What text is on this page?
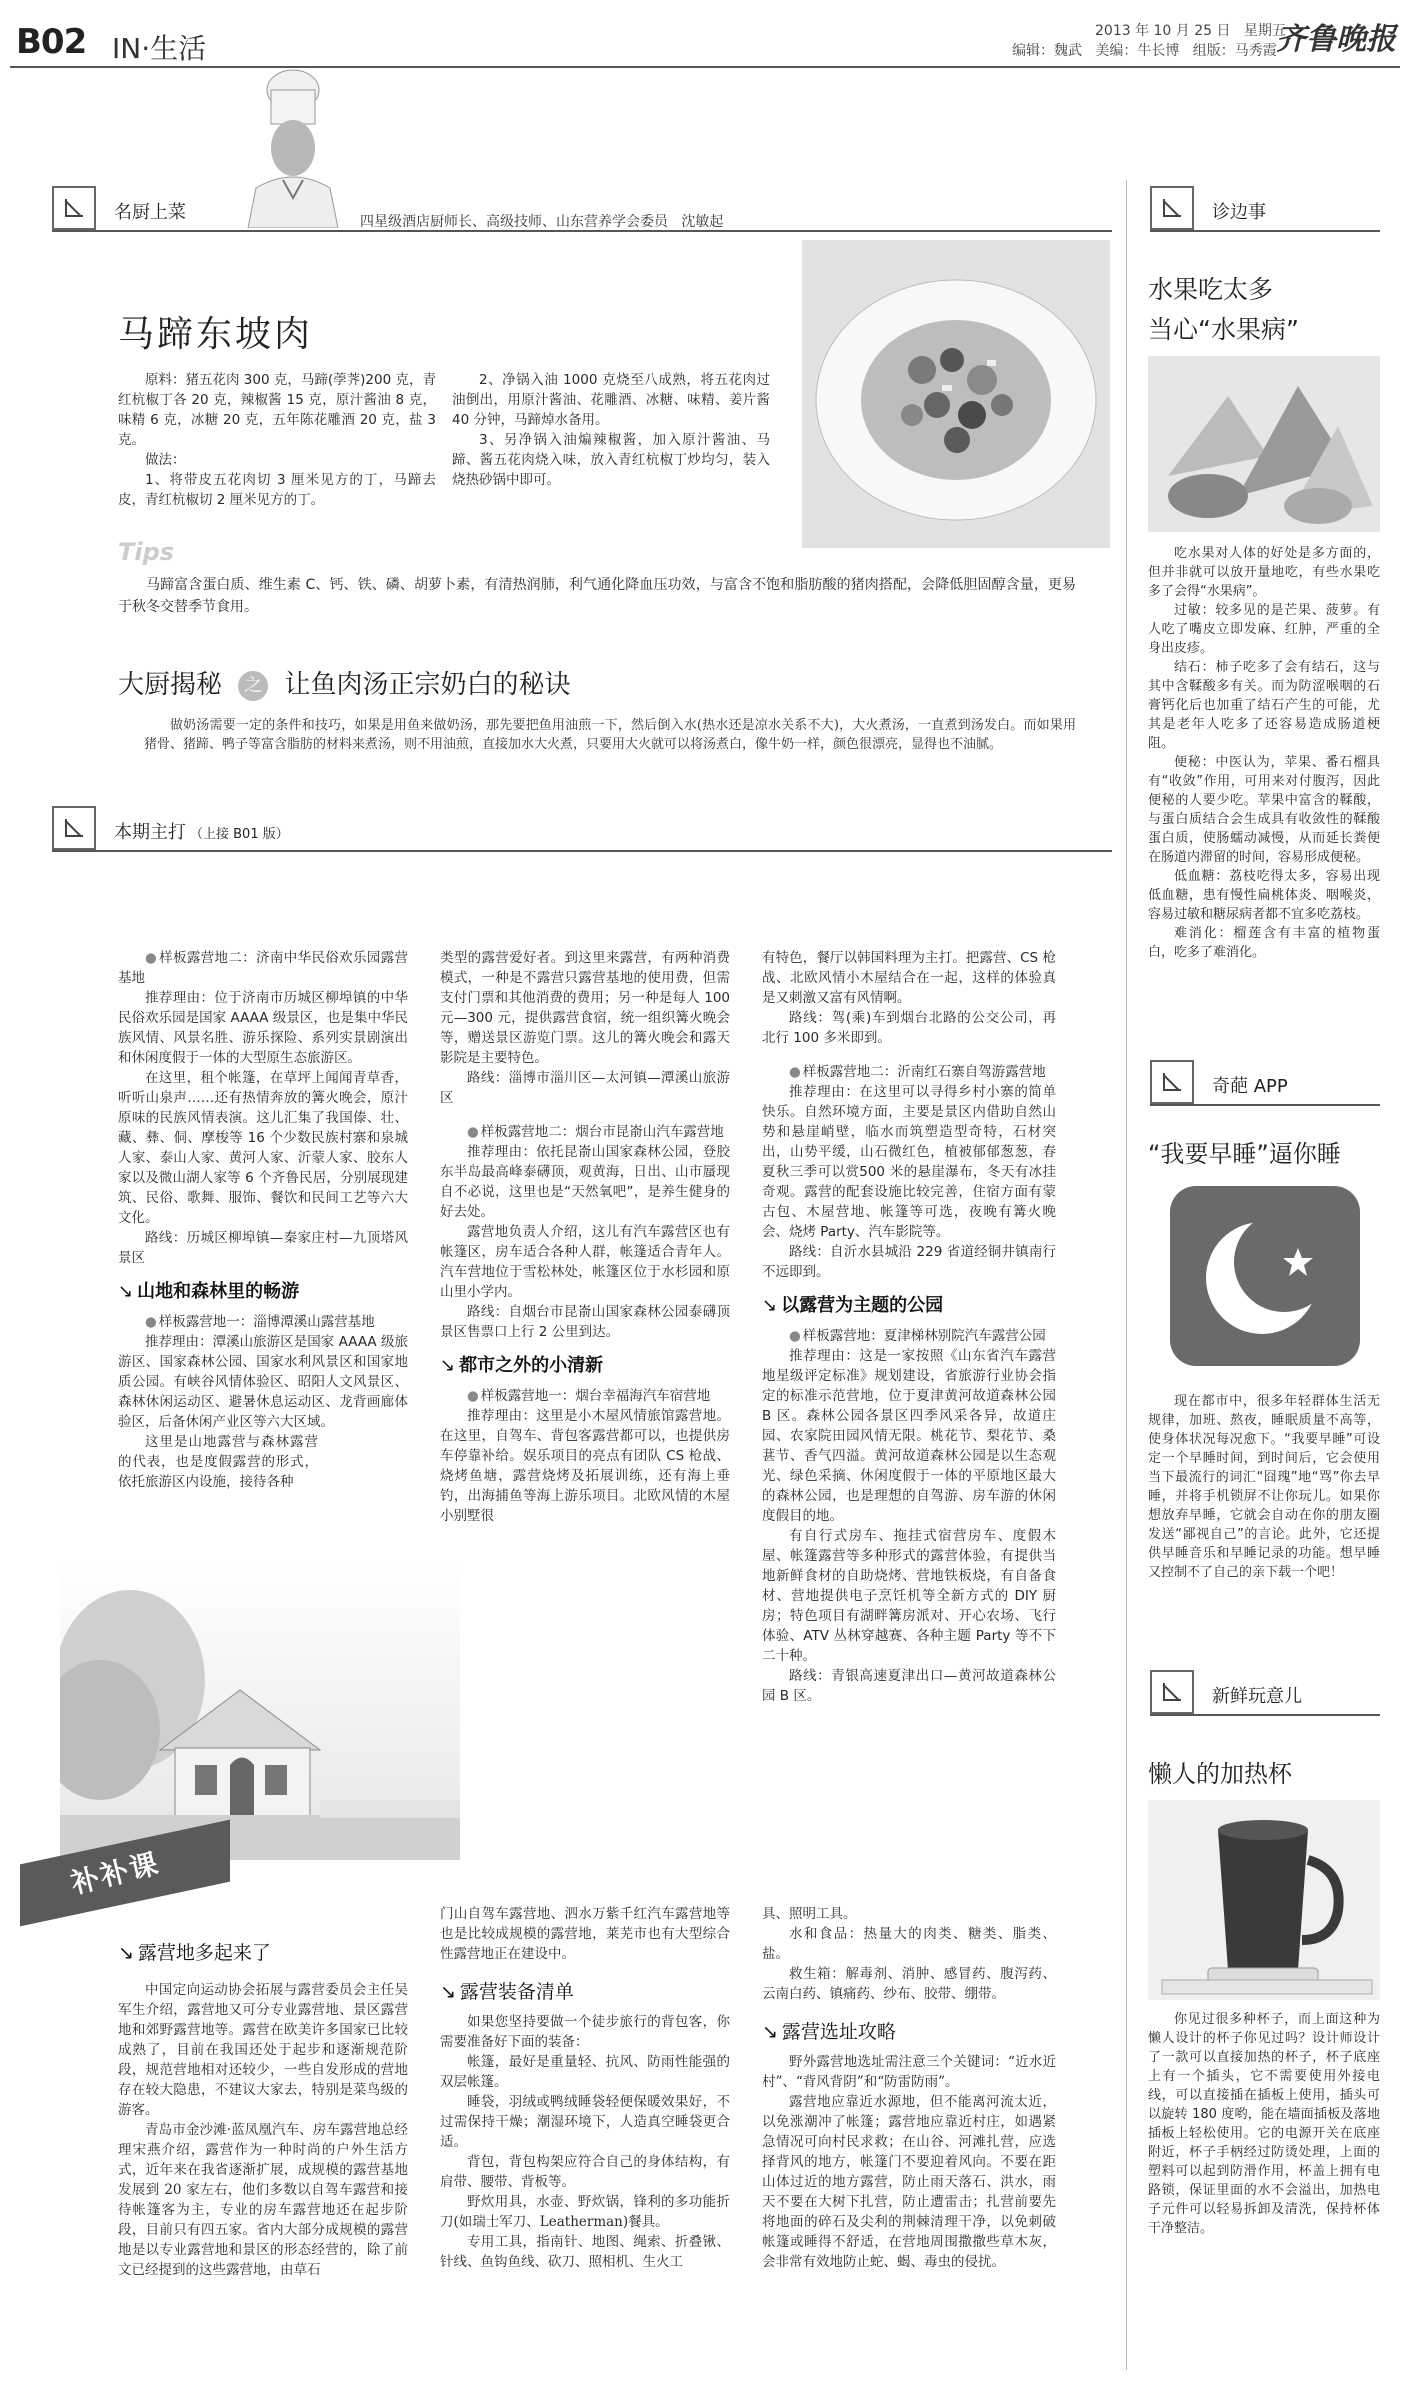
B02 IN·生活
2013 年 10 月 25 日   星期五
编辑：魏武   美编：牛长博   组版：马秀霞 齐鲁晚报
名厨上菜	四星级酒店厨师长、高级技师、山东营养学会委员   沈敏起
马蹄东坡肉

原料：猪五花肉 300 克，马蹄(荸荠)200 克，青红杭椒丁各 20 克，辣椒酱 15 克，原汁酱油 8 克，味精 6 克，冰糖 20 克，五年陈花雕酒 20 克，盐 3 克。

做法：

1、将带皮五花肉切 3 厘米见方的丁，马蹄去皮，青红杭椒切 2 厘米见方的丁。

2、净锅入油 1000 克烧至八成熟，将五花肉过油倒出，用原汁酱油、花雕酒、冰糖、味精、姜片酱 40 分钟，马蹄焯水备用。

3、另净锅入油煸辣椒酱，加入原汁酱油、马蹄、酱五花肉烧入味，放入青红杭椒丁炒均匀，装入烧热砂锅中即可。

Tips

马蹄富含蛋白质、维生素 C、钙、铁、磷、胡萝卜素，有清热润肺，利气通化降血压功效，与富含不饱和脂肪酸的猪肉搭配，会降低胆固醇含量，更易于秋冬交替季节食用。

大厨揭秘 之 让鱼肉汤正宗奶白的秘诀

做奶汤需要一定的条件和技巧，如果是用鱼来做奶汤，那先要把鱼用油煎一下，然后倒入水(热水还是凉水关系不大)，大火煮汤，一直煮到汤发白。而如果用猪骨、猪蹄、鸭子等富含脂肪的材料来煮汤，则不用油煎，直接加水大火煮，只要用大火就可以将汤煮白，像牛奶一样，颜色很漂亮，显得也不油腻。

本期主打 （上接 B01 版）
● 样板露营地二：济南中华民俗欢乐园露营基地

推荐理由：位于济南市历城区柳埠镇的中华民俗欢乐园是国家 AAAA 级景区，也是集中华民族风情、风景名胜、游乐探险、系列实景剧演出和休闲度假于一体的大型原生态旅游区。

在这里，租个帐篷，在草坪上闻闻青草香，听听山泉声……还有热情奔放的篝火晚会，原汁原味的民族风情表演。这儿汇集了我国傣、壮、藏、彝、侗、摩梭等 16 个少数民族村寨和泉城人家、泰山人家、黄河人家、沂蒙人家、胶东人家以及微山湖人家等 6 个齐鲁民居，分别展现建筑、民俗、歌舞、服饰、餐饮和民间工艺等六大文化。

路线：历城区柳埠镇—秦家庄村—九顶塔风景区

↘ 山地和森林里的畅游
● 样板露营地一：淄博潭溪山露营基地

推荐理由：潭溪山旅游区是国家 AAAA 级旅游区、国家森林公园、国家水利风景区和国家地质公园。有峡谷风情体验区、昭阳人文风景区、森林休闲运动区、避暑休息运动区、龙背画廊体验区，后备休闲产业区等六大区域。

这里是山地露营与森林露营的代表，也是度假露营的形式，依托旅游区内设施，接待各种

类型的露营爱好者。到这里来露营，有两种消费模式，一种是不露营只露营基地的使用费，但需支付门票和其他消费的费用；另一种是每人 100 元—300 元，提供露营食宿，统一组织篝火晚会等，赠送景区游览门票。这儿的篝火晚会和露天影院是主要特色。

路线：淄博市淄川区—太河镇—潭溪山旅游区

● 样板露营地二：烟台市昆嵛山汽车露营地

推荐理由：依托昆嵛山国家森林公园，登胶东半岛最高峰泰礴顶，观黄海，日出、山市蜃现自不必说，这里也是“天然氧吧”，是养生健身的好去处。

露营地负责人介绍，这儿有汽车露营区也有帐篷区，房车适合各种人群，帐篷适合青年人。汽车营地位于雪松林处，帐篷区位于水杉园和原山里小学内。

路线：自烟台市昆嵛山国家森林公园泰礴顶景区售票口上行 2 公里到达。

↘ 都市之外的小清新
● 样板露营地一：烟台幸福海汽车宿营地

推荐理由：这里是小木屋风情旅馆露营地。在这里，自驾车、背包客露营都可以，也提供房车停靠补给。娱乐项目的亮点有团队 CS 枪战、烧烤鱼塘，露营烧烤及拓展训练，还有海上垂钓，出海捕鱼等海上游乐项目。北欧风情的木屋小别墅很

有特色，餐厅以韩国料理为主打。把露营、CS 枪战、北欧风情小木屋结合在一起，这样的体验真是又刺激又富有风情啊。

路线：驾(乘)车到烟台北路的公交公司，再北行 100 多米即到。

● 样板露营地二：沂南红石寨自驾游露营地

推荐理由：在这里可以寻得乡村小寨的简单快乐。自然环境方面，主要是景区内借助自然山势和悬崖峭壁，临水而筑塑造型奇特，石材突出，山势平缓，山石微红色，植被郁郁葱葱，春夏秋三季可以赏500 米的悬崖瀑布，冬天有冰挂奇观。露营的配套设施比较完善，住宿方面有蒙古包、木屋营地、帐篷等可选，夜晚有篝火晚会、烧烤 Party、汽车影院等。

路线：自沂水县城沿 229 省道经铜井镇南行不远即到。

↘ 以露营为主题的公园
● 样板露营地：夏津梯林别院汽车露营公园

推荐理由：这是一家按照《山东省汽车露营地星级评定标准》规划建设，省旅游行业协会指定的标准示范营地，位于夏津黄河故道森林公园 B 区。森林公园各景区四季风采各异，故道庄园、农家院田园风情无限。桃花节、梨花节、桑葚节、香气四溢。黄河故道森林公园是以生态观光、绿色采摘、休闲度假于一体的平原地区最大的森林公园，也是理想的自驾游、房车游的休闲度假目的地。

有自行式房车、拖挂式宿营房车、度假木屋、帐篷露营等多种形式的露营体验，有提供当地新鲜食材的自助烧烤、营地铁板烧，有自备食材、营地提供电子烹饪机等全新方式的 DIY 厨房；特色项目有湖畔篝房派对、开心农场、飞行体验、ATV 丛林穿越赛、各种主题 Party 等不下二十种。

路线：青银高速夏津出口—黄河故道森林公园 B 区。

补补课
↘ 露营地多起来了

中国定向运动协会拓展与露营委员会主任吴军生介绍，露营地又可分专业露营地、景区露营地和郊野露营地等。露营在欧美许多国家已比较成熟了，目前在我国还处于起步和逐渐规范阶段，规范营地相对还较少，一些自发形成的营地存在较大隐患，不建议大家去，特别是菜鸟级的游客。

青岛市金沙滩·蓝凤凰汽车、房车露营地总经理宋燕介绍，露营作为一种时尚的户外生活方式，近年来在我省逐渐扩展，成规模的露营基地发展到 20 家左右，他们多数以自驾车露营和接待帐篷客为主，专业的房车露营地还在起步阶段，目前只有四五家。省内大部分成规模的露营地是以专业露营地和景区的形态经营的，除了前文已经提到的这些露营地，由草石

门山自驾车露营地、泗水万紫千红汽车露营地等也是比较成规模的露营地，莱芜市也有大型综合性露营地正在建设中。
↘ 露营装备清单

如果您坚持要做一个徒步旅行的背包客，你需要准备好下面的装备：

帐篷，最好是重量轻、抗风、防雨性能强的双层帐篷。

睡袋，羽绒或鸭绒睡袋轻便保暖效果好，不过需保持干燥；潮湿环境下，人造真空睡袋更合适。

背包，背包构架应符合自己的身体结构，有肩带、腰带、背板等。

野炊用具，水壶、野炊锅，锋利的多功能折刀(如瑞士军刀、Leatherman)餐具。

专用工具，指南针、地图、绳索、折叠锹、针线、鱼钩鱼线、砍刀、照相机、生火工

具、照明工具。

水和食品：热量大的肉类、糖类、脂类、盐。

救生箱：解毒剂、消肿、感冒药、腹泻药、云南白药、镇痛药、纱布、胶带、绷带。

↘ 露营选址攻略

野外露营地选址需注意三个关键词：“近水近村”、“背风背阴”和“防雷防雨”。

露营地应靠近水源地，但不能离河流太近，以免涨潮冲了帐篷；露营地应靠近村庄，如遇紧急情况可向村民求救；在山谷、河滩扎营，应选择背风的地方，帐篷门不要迎着风向。不要在距山体过近的地方露营，防止雨天落石、洪水，雨天不要在大树下扎营，防止遭雷击；扎营前要先将地面的碎石及尖利的荆棘清理干净，以免刺破帐篷或睡得不舒适，在营地周围撒撒些草木灰，会非常有效地防止蛇、蝎、毒虫的侵扰。

诊边事
水果吃太多
当心“水果病”

吃水果对人体的好处是多方面的，但并非就可以放开量地吃，有些水果吃多了会得“水果病”。

过敏：较多见的是芒果、菠萝。有人吃了嘴皮立即发麻、红肿，严重的全身出皮疹。

结石：柿子吃多了会有结石，这与其中含鞣酸多有关。而为防涩喉咽的石膏钙化后也加重了结石产生的可能，尤其是老年人吃多了还容易造成肠道梗阻。

便秘：中医认为，苹果、番石榴具有“收敛”作用，可用来对付腹泻，因此便秘的人要少吃。苹果中富含的鞣酸，与蛋白质结合会生成具有收敛性的鞣酸蛋白质，使肠蠕动减慢，从而延长粪便在肠道内滞留的时间，容易形成便秘。

低血糖：荔枝吃得太多，容易出现低血糖，患有慢性扁桃体炎、咽喉炎，容易过敏和糖尿病者都不宜多吃荔枝。

难消化：榴莲含有丰富的植物蛋白，吃多了难消化。

奇葩 APP
“我要早睡”逼你睡

现在都市中，很多年轻群体生活无规律，加班、熬夜，睡眠质量不高等，使身体状况每况愈下。“我要早睡”可设定一个早睡时间，到时间后，它会使用当下最流行的词汇“囧瑰”地“骂”你去早睡，并将手机锁屏不让你玩儿。如果你想放弃早睡，它就会自动在你的朋友圈发送“鄙视自己”的言论。此外，它还提供早睡音乐和早睡记录的功能。想早睡又控制不了自己的亲下载一个吧！

新鲜玩意儿
懒人的加热杯

你见过很多种杯子，而上面这种为懒人设计的杯子你见过吗？设计师设计了一款可以直接加热的杯子，杯子底座上有一个插头，它不需要使用外接电线，可以直接插在插板上使用，插头可以旋转 180 度哟，能在墙面插板及落地插板上轻松使用。它的电源开关在底座附近，杯子手柄经过防烫处理，上面的塑料可以起到防滑作用，杯盖上拥有电路锁，保证里面的水不会溢出，加热电子元件可以轻易拆卸及清洗，保持杯体干净整洁。
